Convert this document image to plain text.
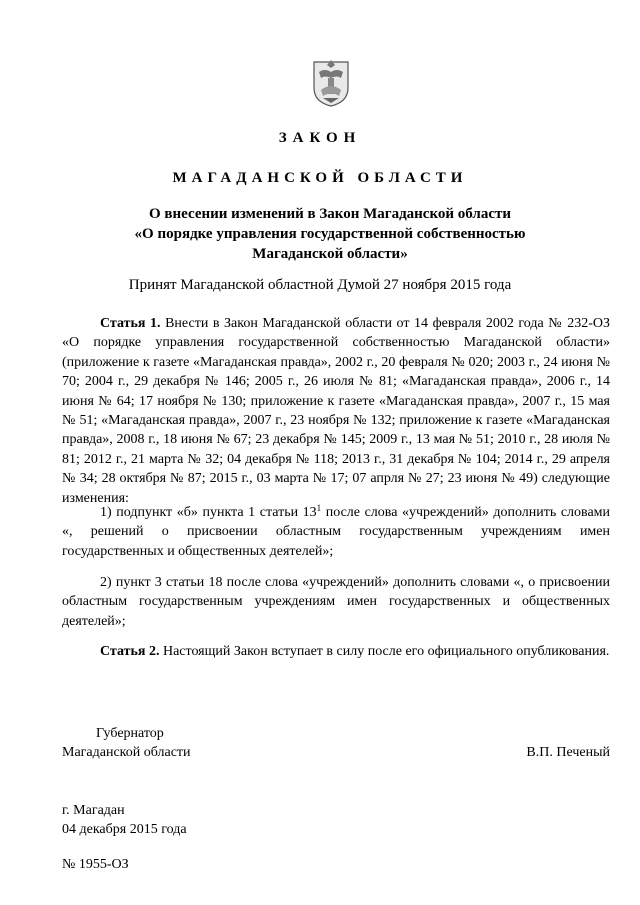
ЗАКОН
МАГАДАНСКОЙ ОБЛАСТИ
О внесении изменений в Закон Магаданской области
«О порядке управления государственной собственностью
Магаданской области»
Принят Магаданской областной Думой 27 ноября 2015 года
Статья 1. Внести в Закон Магаданской области от 14 февраля 2002 года № 232-ОЗ «О порядке управления государственной собственностью Магаданской области» (приложение к газете «Магаданская правда», 2002 г., 20 февраля № 020; 2003 г., 24 июня № 70; 2004 г., 29 декабря № 146; 2005 г., 26 июля № 81; «Магаданская правда», 2006 г., 14 июня № 64; 17 ноября № 130; приложение к газете «Магаданская правда», 2007 г., 15 мая № 51; «Магаданская правда», 2007 г., 23 ноября № 132; приложение к газете «Магаданская правда», 2008 г., 18 июня № 67; 23 декабря № 145; 2009 г., 13 мая № 51; 2010 г., 28 июля № 81; 2012 г., 21 марта № 32; 04 декабря № 118; 2013 г., 31 декабря № 104; 2014 г., 29 апреля № 34; 28 октября № 87; 2015 г., 03 марта № 17; 07 апрля № 27; 23 июня № 49) следующие изменения:
1) подпункт «б» пункта 1 статьи $13^1$ после слова «учреждений» дополнить словами «, решений о присвоении областным государственным учреждениям имен государственных и общественных деятелей»;
2) пункт 3 статьи 18 после слова «учреждений» дополнить словами «, о присвоении областным государственным учреждениям имен государственных и общественных деятелей»;
Статья 2. Настоящий Закон вступает в силу после его официального опубликования.
Губернатор
Магаданской области	В.П. Печеный
г. Магадан
04 декабря 2015 года
№ 1955-ОЗ
